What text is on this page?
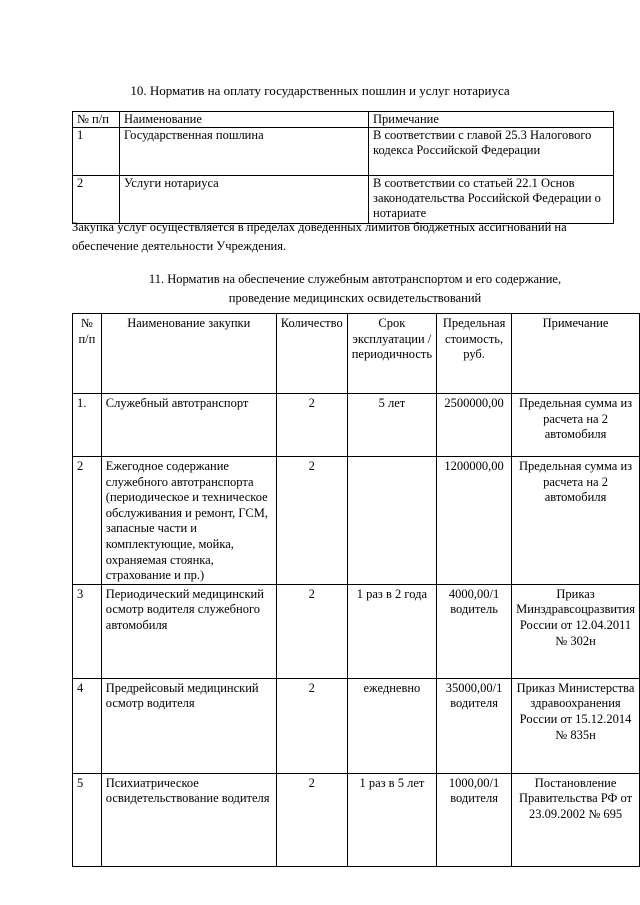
10. Норматив на оплату государственных пошлин и услуг нотариуса
№ п/п	Наименование	Примечание
1	Государственная пошлина	В соответствии с главой 25.3 Налогового кодекса Российской Федерации
2	Услуги нотариуса	В соответствии со статьей 22.1 Основ законодательства Российской Федерации о нотариате
Закупка услуг осуществляется в пределах доведенных лимитов бюджетных ассигнований на обеспечение деятельности Учреждения.
11. Норматив на обеспечение служебным автотранспортом и его содержание,
проведение медицинских освидетельствований
№ п/п	Наименование закупки	Количество	Срок эксплуатации /периодичность	Предельная стоимость, руб.	Примечание
1.	Служебный автотранспорт	2	5 лет	2500000,00	Предельная сумма из расчета на 2 автомобиля
2	Ежегодное содержание служебного автотранспорта (периодическое и техническое обслуживания и ремонт, ГСМ, запасные части и комплектующие, мойка, охраняемая стоянка, страхование и пр.)	2		1200000,00	Предельная сумма из расчета на 2 автомобиля
3	Периодический медицинский осмотр водителя служебного автомобиля	2	1 раз в 2 года	4000,00/1 водитель	Приказ Минздравсоцразвития России от 12.04.2011 № 302н
4	Предрейсовый медицинский осмотр водителя	2	ежедневно	35000,00/1 водителя	Приказ Министерства здравоохранения России от 15.12.2014 № 835н
5	Психиатрическое освидетельствование водителя	2	1 раз в 5 лет	1000,00/1 водителя	Постановление Правительства РФ от 23.09.2002 № 695
